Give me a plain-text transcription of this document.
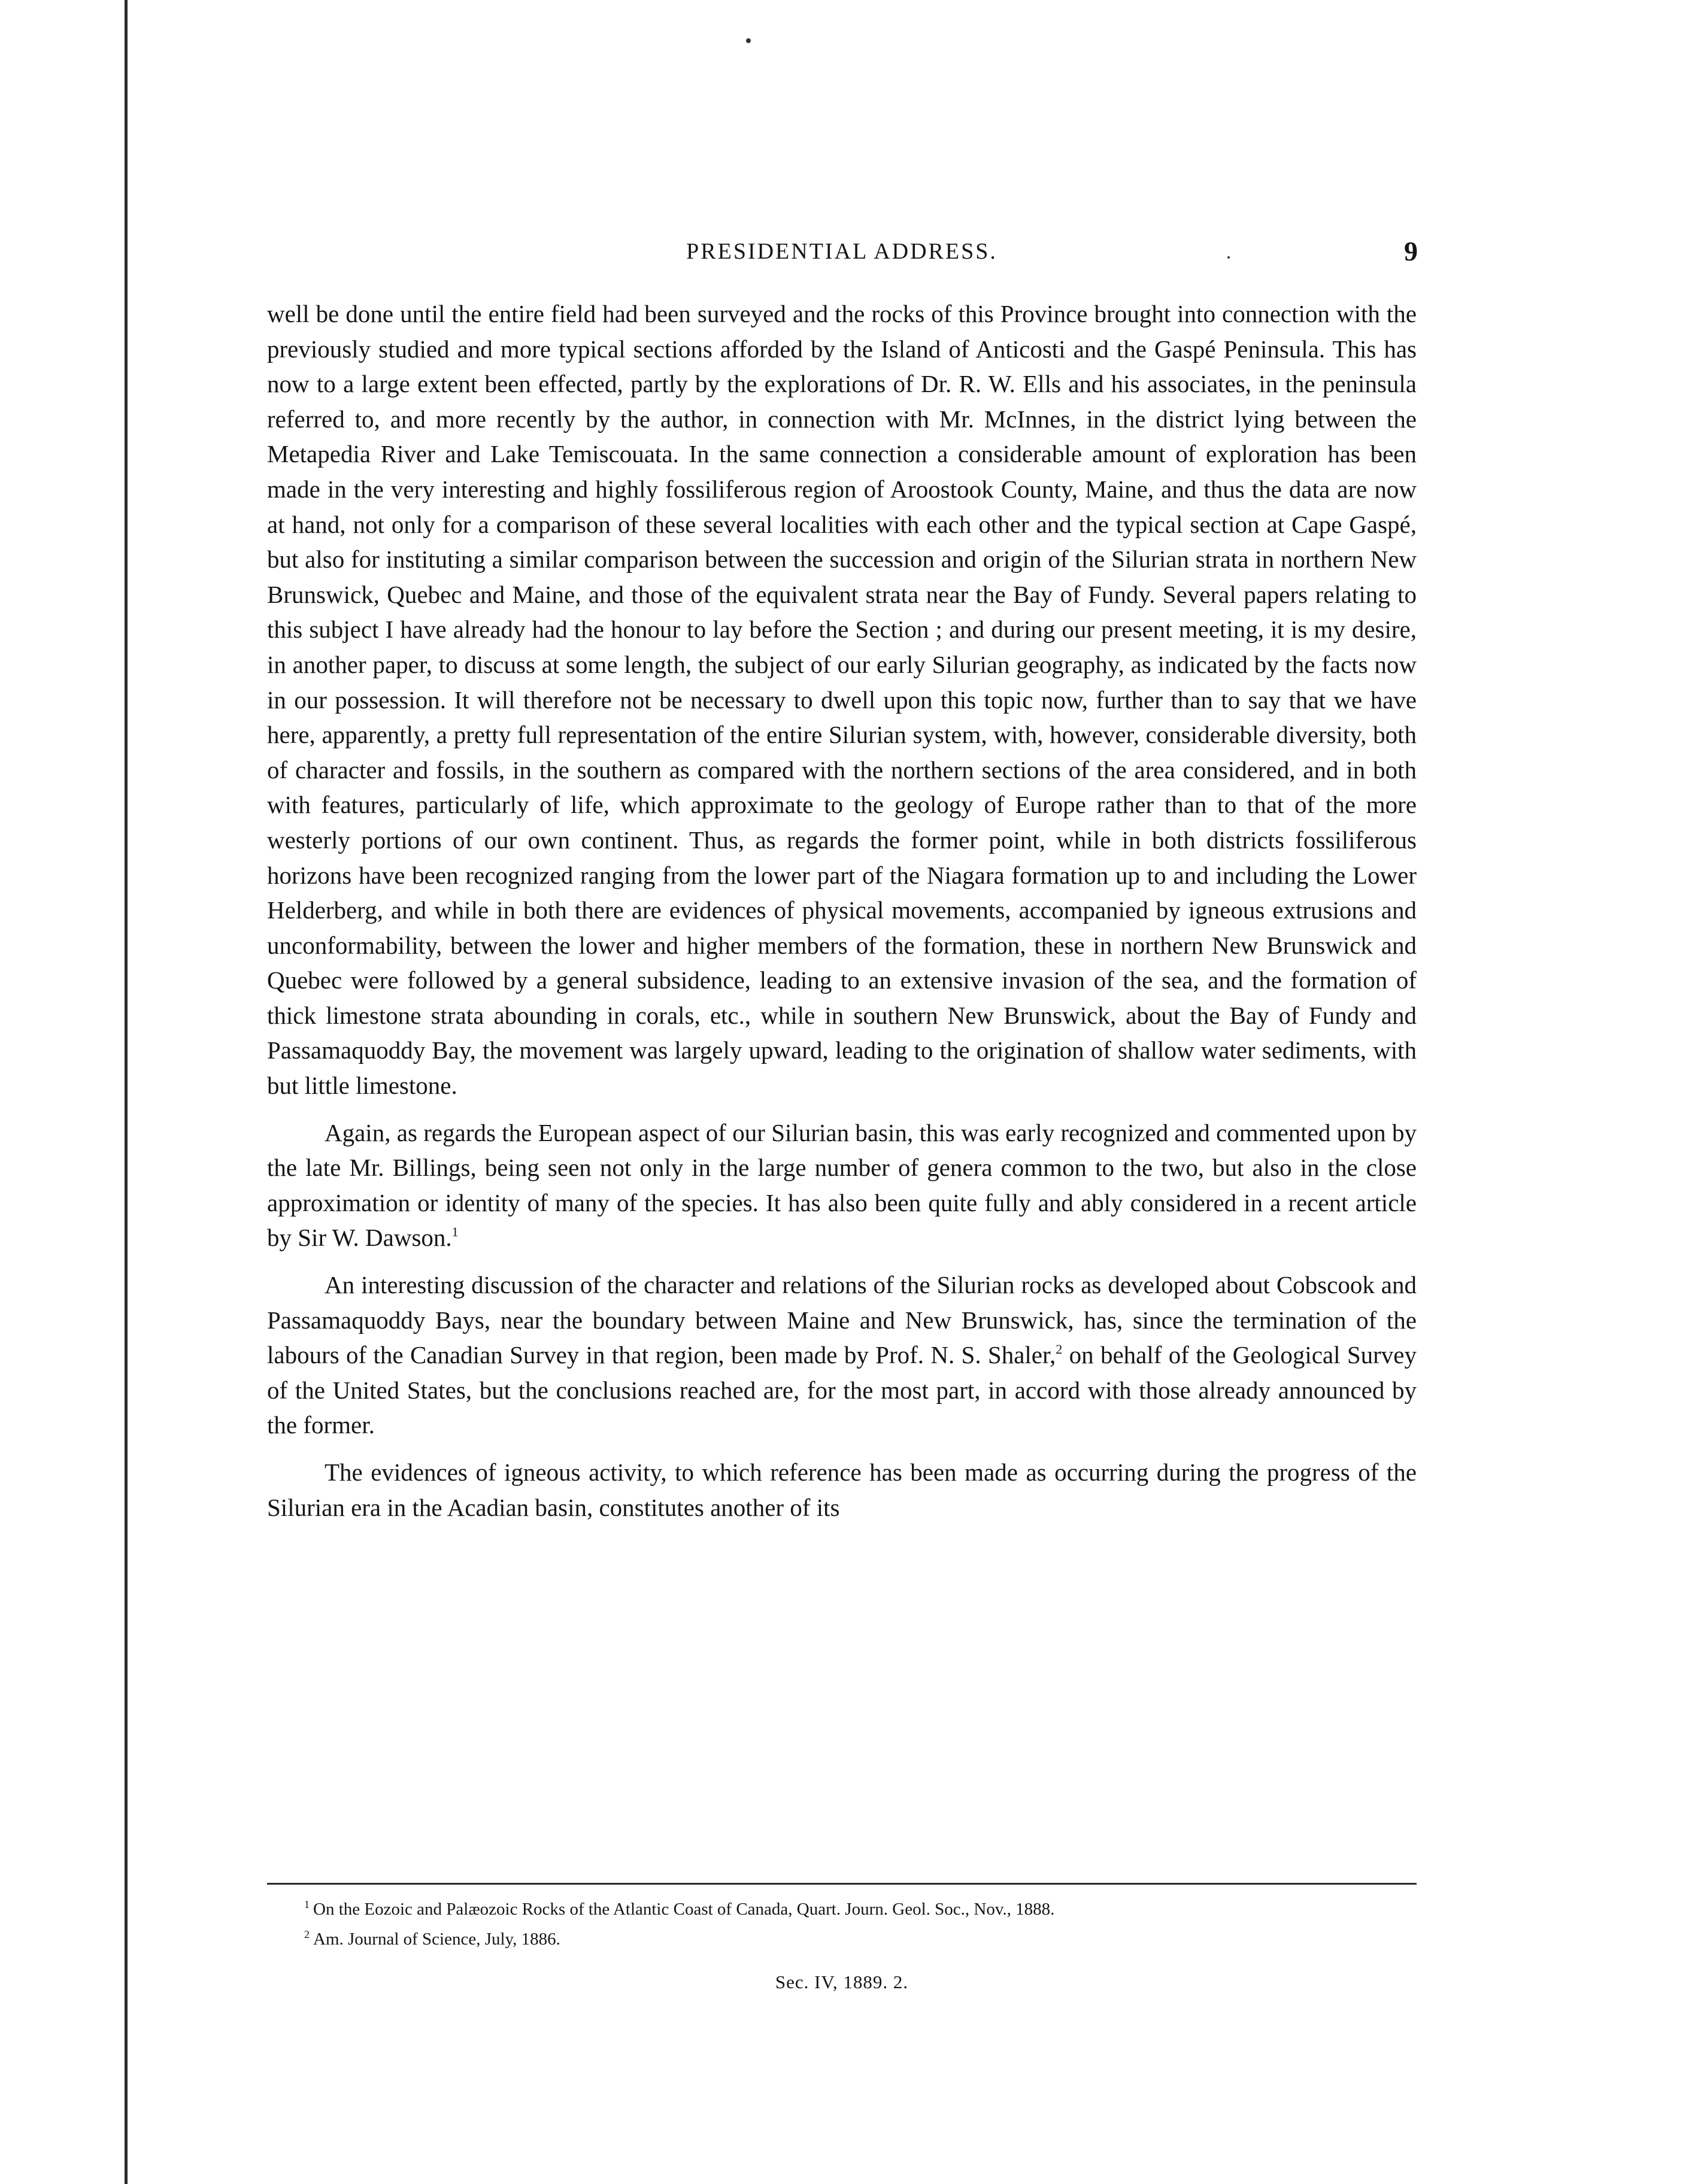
PRESIDENTIAL ADDRESS.	9

well be done until the entire field had been surveyed and the rocks of this Province brought into connection with the previously studied and more typical sections afforded by the Island of Anticosti and the Gaspé Peninsula. This has now to a large extent been effected, partly by the explorations of Dr. R. W. Ells and his associates, in the peninsula referred to, and more recently by the author, in connection with Mr. McInnes, in the district lying between the Metapedia River and Lake Temiscouata. In the same connection a considerable amount of exploration has been made in the very interesting and highly fossiliferous region of Aroostook County, Maine, and thus the data are now at hand, not only for a comparison of these several localities with each other and the typical section at Cape Gaspé, but also for instituting a similar comparison between the succession and origin of the Silurian strata in northern New Brunswick, Quebec and Maine, and those of the equivalent strata near the Bay of Fundy. Several papers relating to this subject I have already had the honour to lay before the Section ; and during our present meeting, it is my desire, in another paper, to discuss at some length, the subject of our early Silurian geography, as indicated by the facts now in our possession. It will therefore not be necessary to dwell upon this topic now, further than to say that we have here, apparently, a pretty full representation of the entire Silurian system, with, however, considerable diversity, both of character and fossils, in the southern as compared with the northern sections of the area considered, and in both with features, particularly of life, which approximate to the geology of Europe rather than to that of the more westerly portions of our own continent. Thus, as regards the former point, while in both districts fossiliferous horizons have been recognized ranging from the lower part of the Niagara formation up to and including the Lower Helderberg, and while in both there are evidences of physical movements, accompanied by igneous extrusions and unconformability, between the lower and higher members of the formation, these in northern New Brunswick and Quebec were followed by a general subsidence, leading to an extensive invasion of the sea, and the formation of thick limestone strata abounding in corals, etc., while in southern New Brunswick, about the Bay of Fundy and Passamaquoddy Bay, the movement was largely upward, leading to the origination of shallow water sediments, with but little limestone.

Again, as regards the European aspect of our Silurian basin, this was early recognized and commented upon by the late Mr. Billings, being seen not only in the large number of genera common to the two, but also in the close approximation or identity of many of the species. It has also been quite fully and ably considered in a recent article by Sir W. Dawson.$^1$

An interesting discussion of the character and relations of the Silurian rocks as developed about Cobscook and Passamaquoddy Bays, near the boundary between Maine and New Brunswick, has, since the termination of the labours of the Canadian Survey in that region, been made by Prof. N. S. Shaler,$^2$ on behalf of the Geological Survey of the United States, but the conclusions reached are, for the most part, in accord with those already announced by the former.

The evidences of igneous activity, to which reference has been made as occurring during the progress of the Silurian era in the Acadian basin, constitutes another of its

$^1$ On the Eozoic and Palæozoic Rocks of the Atlantic Coast of Canada, Quart. Journ. Geol. Soc., Nov., 1888.
$^2$ Am. Journal of Science, July, 1886.
Sec. IV, 1889. 2.
